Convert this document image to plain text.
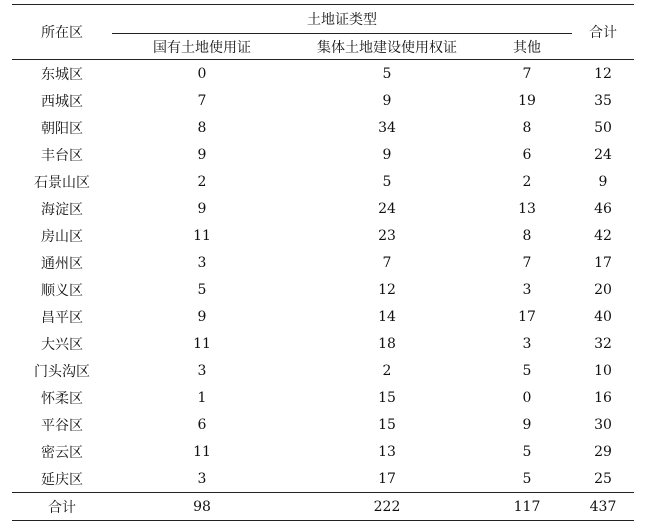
所在区	土地证类型			合计
	国有土地使用证	集体土地建设使用权证	其他	
东城区	0	5	7	12
西城区	7	9	19	35
朝阳区	8	34	8	50
丰台区	9	9	6	24
石景山区	2	5	2	9
海淀区	9	24	13	46
房山区	11	23	8	42
通州区	3	7	7	17
顺义区	5	12	3	20
昌平区	9	14	17	40
大兴区	11	18	3	32
门头沟区	3	2	5	10
怀柔区	1	15	0	16
平谷区	6	15	9	30
密云区	11	13	5	29
延庆区	3	17	5	25
合计	98	222	117	437
